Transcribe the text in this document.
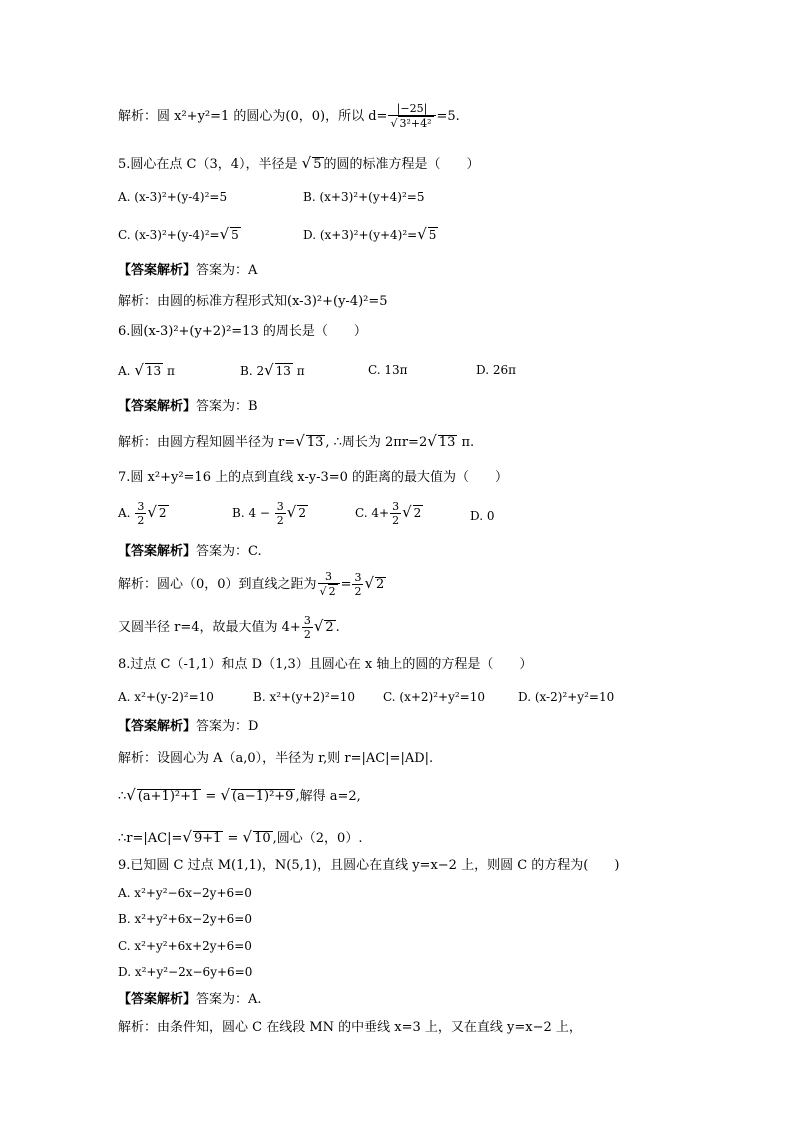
解析：圆 x²+y²=1 的圆心为(0，0)，所以 $d= \frac{|-25|}{\text{√ 3²+4²}} =5$.
5.圆心在点 C（3，4），半径是 √ 5 的圆的标准方程是（　　）
A. (x-3)²+(y-4)²=5	B. (x+3)²+(y+4)²=5
C. (x-3)²+(y-4)²=√ 5	D. (x+3)²+(y+4)²=√ 5
【答案解析】答案为：A
解析：由圆的标准方程形式知(x-3)²+(y-4)²=5
6.圆(x-3)²+(y+2)²=13 的周长是（　　）
A. √ 13 π	B. 2√ 13 π	C. 13π	D. 26π
【答案解析】答案为：B
解析：由圆方程知圆半径为 r=√ 13 , ∴周长为 2πr=2√ 13 π.
7.圆 x²+y²=16 上的点到直线 x-y-3=0 的距离的最大值为（　　）
A. $\frac{3}{2}$ √ 2	B. $4 - \frac{3}{2}$ √ 2	C. $4+ \frac{3}{2}$ √ 2	D. 0
【答案解析】答案为：C.
解析：圆心（0，0）到直线之距为 $\frac{3}{√ 2} = \frac{3}{2}$ √ 2
又圆半径 r=4，故最大值为 $4+ \frac{3}{2}$ √ 2 .
8.过点 C（-1,1）和点 D（1,3）且圆心在 x 轴上的圆的方程是（　　）
A. x²+(y-2)²=10	B. x²+(y+2)²=10 C. (x+2)²+y²=10	D. (x-2)²+y²=10
【答案解析】答案为：D
解析：设圆心为 A（a,0），半径为 r,则 r=|AC|=|AD|.
∴√ (a+1)²+1 = √ (a−1)²+9 ,解得 a=2,
∴r=|AC|=√ 9+1 = √ 10 ,圆心（2，0）.
9.已知圆 C 过点 M(1,1)，N(5,1)，且圆心在直线 y=x−2 上，则圆 C 的方程为(　　)
A. x²+y²−6x−2y+6=0
B. x²+y²+6x−2y+6=0
C. x²+y²+6x+2y+6=0
D. x²+y²−2x−6y+6=0
【答案解析】答案为：A.
解析：由条件知，圆心 C 在线段 MN 的中垂线 x=3 上，又在直线 y=x−2 上，
